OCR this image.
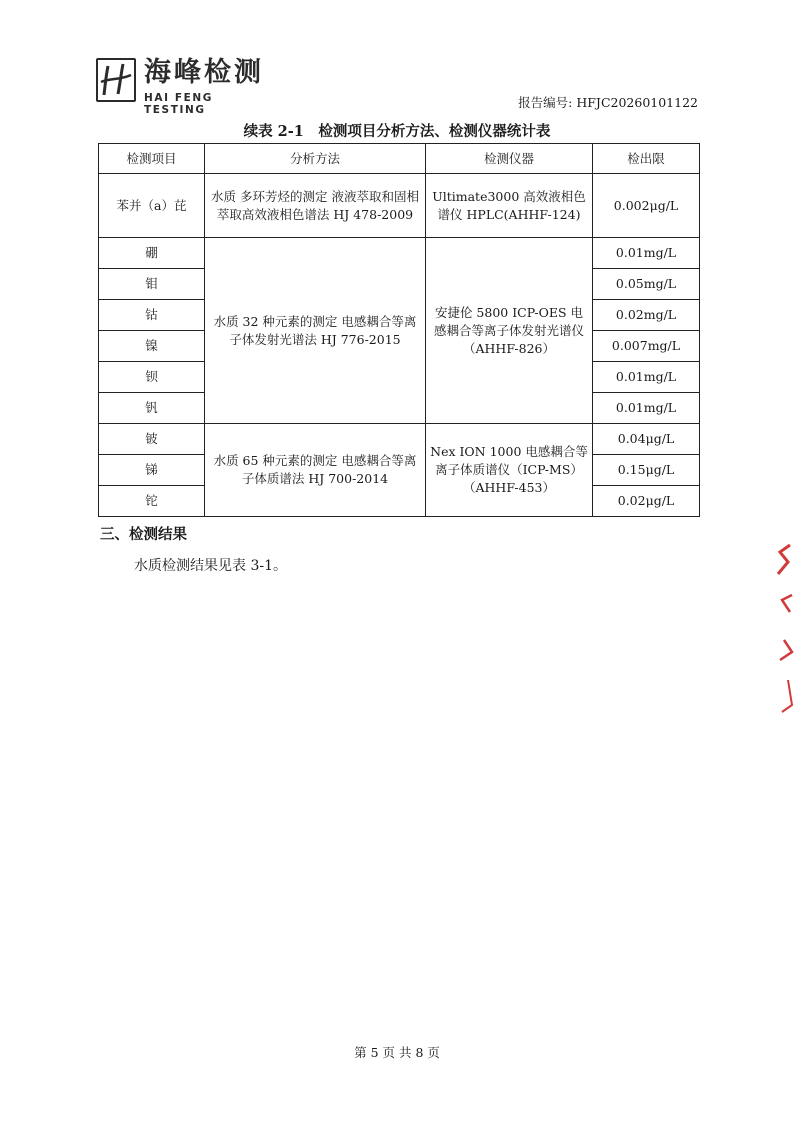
海峰检测
HAI FENG TESTING	报告编号: HFJC20260101122
续表 2-1　检测项目分析方法、检测仪器统计表
检测项目	分析方法	检测仪器	检出限
苯并（a）芘	水质 多环芳烃的测定 液液萃取和固相萃取高效液相色谱法 HJ 478-2009	Ultimate3000 高效液相色谱仪 HPLC(AHHF-124)	0.002μg/L
硼	水质 32 种元素的测定 电感耦合等离子体发射光谱法 HJ 776-2015	安捷伦 5800 ICP-OES 电感耦合等离子体发射光谱仪（AHHF-826）	0.01mg/L
钼			0.05mg/L
钴			0.02mg/L
镍			0.007mg/L
钡			0.01mg/L
钒			0.01mg/L
铍	水质 65 种元素的测定 电感耦合等离子体质谱法 HJ 700-2014	Nex ION 1000 电感耦合等离子体质谱仪（ICP-MS）（AHHF-453）	0.04μg/L
锑			0.15μg/L
铊			0.02μg/L
三、检测结果
水质检测结果见表 3-1。
第 5 页 共 8 页
